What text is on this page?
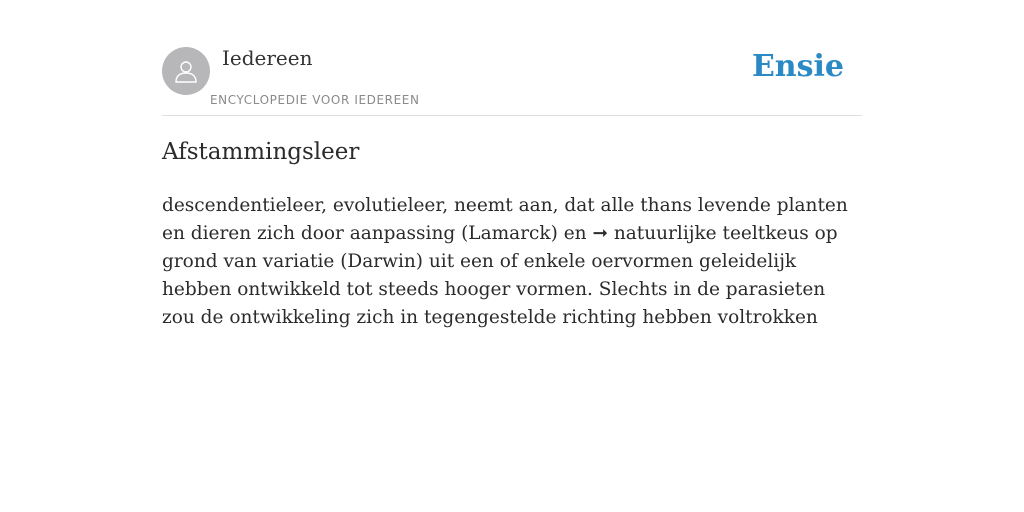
Iedereen
ENCYCLOPEDIE VOOR IEDEREEN
Ensie
Afstammingsleer

descendentieleer, evolutieleer, neemt aan, dat alle thans levende planten en dieren zich door aanpassing (Lamarck) en ➞ natuurlijke teeltkeus op grond van variatie (Darwin) uit een of enkele oervormen geleidelijk hebben ontwikkeld tot steeds hooger vormen. Slechts in de parasieten zou de ontwikkeling zich in tegengestelde richting hebben voltrokken
